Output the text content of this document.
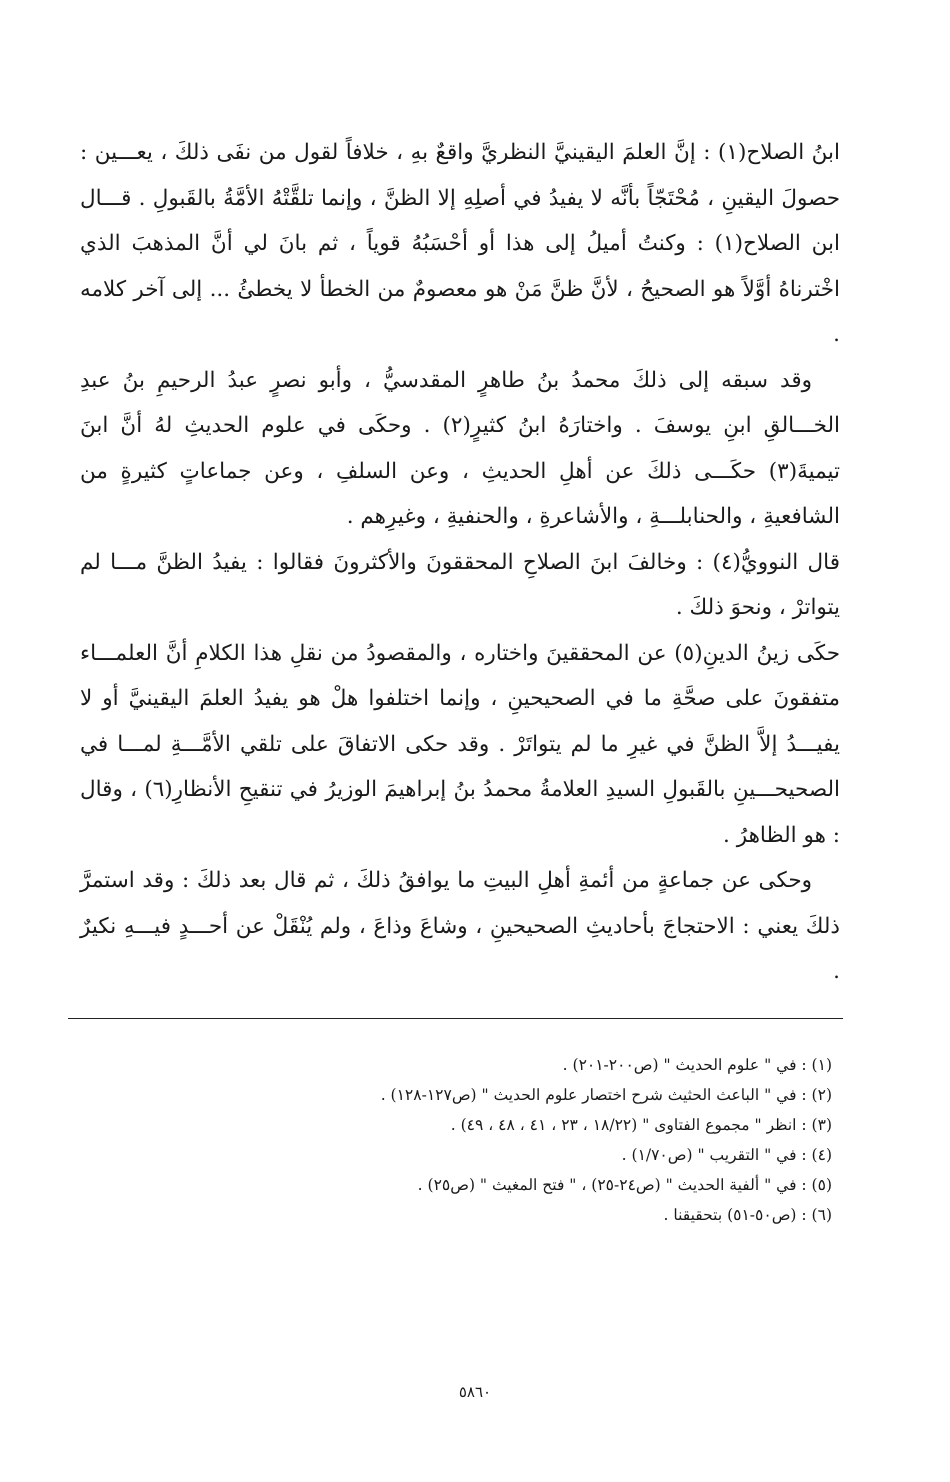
ابنُ الصلاح(١) : إنَّ العلمَ اليقينيَّ النظريَّ واقعٌ بهِ ، خلافاً لقول من نفَى ذلكَ ، يعـــين : حصولَ اليقينِ ، مُحْتَجّاً بأنَّه لا يفيدُ في أصلِهِ إلا الظنَّ ، وإنما تلقَّتْهُ الأمَّةُ بالقَبولِ . قـــال ابن الصلاح(١) : وكنتُ أميلُ إلى هذا أو أحْسَبُهُ قوياً ، ثم بانَ لي أنَّ المذهبَ الذي اخْترناهُ أوَّلاً هو الصحيحُ ، لأنَّ ظنَّ مَنْ هو معصومٌ من الخطأ لا يخطئُ ... إلى آخر كلامه .

وقد سبقه إلى ذلكَ محمدُ بنُ طاهرٍ المقدسيُّ ، وأبو نصرٍ عبدُ الرحيمِ بنُ عبدِ الخـــالقِ ابنِ يوسفَ . واختارَهُ ابنُ كثيرٍ(٢) . وحكَى في علوم الحديثِ لهُ أنَّ ابنَ تيميةَ(٣) حكَـــى ذلكَ عن أهلِ الحديثِ ، وعن السلفِ ، وعن جماعاتٍ كثيرةٍ من الشافعيةِ ، والحنابلـــةِ ، والأشاعرةِ ، والحنفيةِ ، وغيرِهم .

قال النوويُّ(٤) : وخالفَ ابنَ الصلاحِ المحققونَ والأكثرونَ فقالوا : يفيدُ الظنَّ مـــا لم يتواترْ ، ونحوَ ذلكَ .

حكَى زينُ الدينِ(٥) عن المحققينَ واختاره ، والمقصودُ من نقلِ هذا الكلامِ أنَّ العلمـــاء متفقونَ على صحَّةِ ما في الصحيحينِ ، وإنما اختلفوا هلْ هو يفيدُ العلمَ اليقينيَّ أو لا يفيـــدُ إلاَّ الظنَّ في غيرِ ما لم يتواتَرْ . وقد حكى الاتفاقَ على تلقي الأمَّـــةِ لمـــا في الصحيحـــينِ بالقَبولِ السيدِ العلامةُ محمدُ بنُ إبراهيمَ الوزيرُ في تنقيحِ الأنظارِ(٦) ، وقال : هو الظاهرُ .

وحكى عن جماعةٍ من أئمةِ أهلِ البيتِ ما يوافقُ ذلكَ ، ثم قال بعد ذلكَ : وقد استمرَّ ذلكَ يعني : الاحتجاجَ بأحاديثِ الصحيحينِ ، وشاعَ وذاعَ ، ولم يُنْقَلْ عن أحـــدٍ فيـــهِ نكيرٌ .

(١) : في " علوم الحديث " (ص٢٠٠-٢٠١) .

(٢) : في " الباعث الحثيث شرح اختصار علوم الحديث " (ص١٢٧-١٢٨) .

(٣) : انظر " مجموع الفتاوى " (١٨/٢٢ ، ٢٣ ، ٤١ ، ٤٨ ، ٤٩) .

(٤) : في " التقريب " (ص١/٧٠) .

(٥) : في " ألفية الحديث " (ص٢٤-٢٥) ، " فتح المغيث " (ص٢٥) .

(٦) : (ص٥٠-٥١) بتحقيقنا .

٥٨٦٠
